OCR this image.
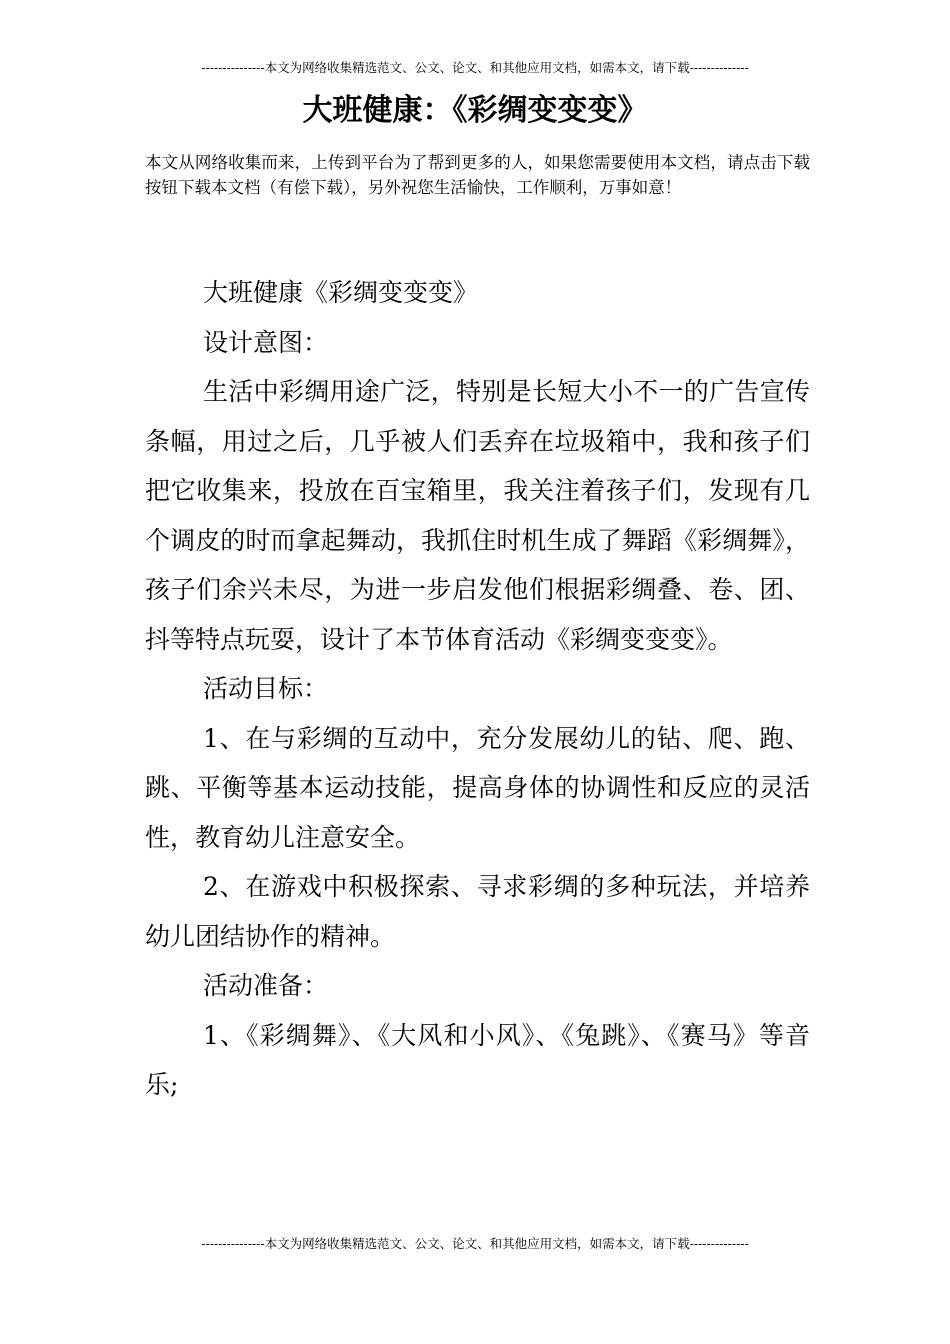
---------------本文为网络收集精选范文、公文、论文、和其他应用文档，如需本文，请下载--------------
大班健康：《彩绸变变变》

本文从网络收集而来，上传到平台为了帮到更多的人，如果您需要使用本文档，请点击下载按钮下载本文档（有偿下载），另外祝您生活愉快，工作顺利，万事如意！

大班健康《彩绸变变变》

设计意图：

生活中彩绸用途广泛，特别是长短大小不一的广告宣传条幅，用过之后，几乎被人们丢弃在垃圾箱中，我和孩子们把它收集来，投放在百宝箱里，我关注着孩子们，发现有几个调皮的时而拿起舞动，我抓住时机生成了舞蹈《彩绸舞》，孩子们余兴未尽，为进一步启发他们根据彩绸叠、卷、团、抖等特点玩耍，设计了本节体育活动《彩绸变变变》。

活动目标：

1、在与彩绸的互动中，充分发展幼儿的钻、爬、跑、跳、平衡等基本运动技能，提高身体的协调性和反应的灵活性，教育幼儿注意安全。

2、在游戏中积极探索、寻求彩绸的多种玩法，并培养幼儿团结协作的精神。

活动准备：

1、《彩绸舞》、《大风和小风》、《兔跳》、《赛马》等音乐;

---------------本文为网络收集精选范文、公文、论文、和其他应用文档，如需本文，请下载--------------
